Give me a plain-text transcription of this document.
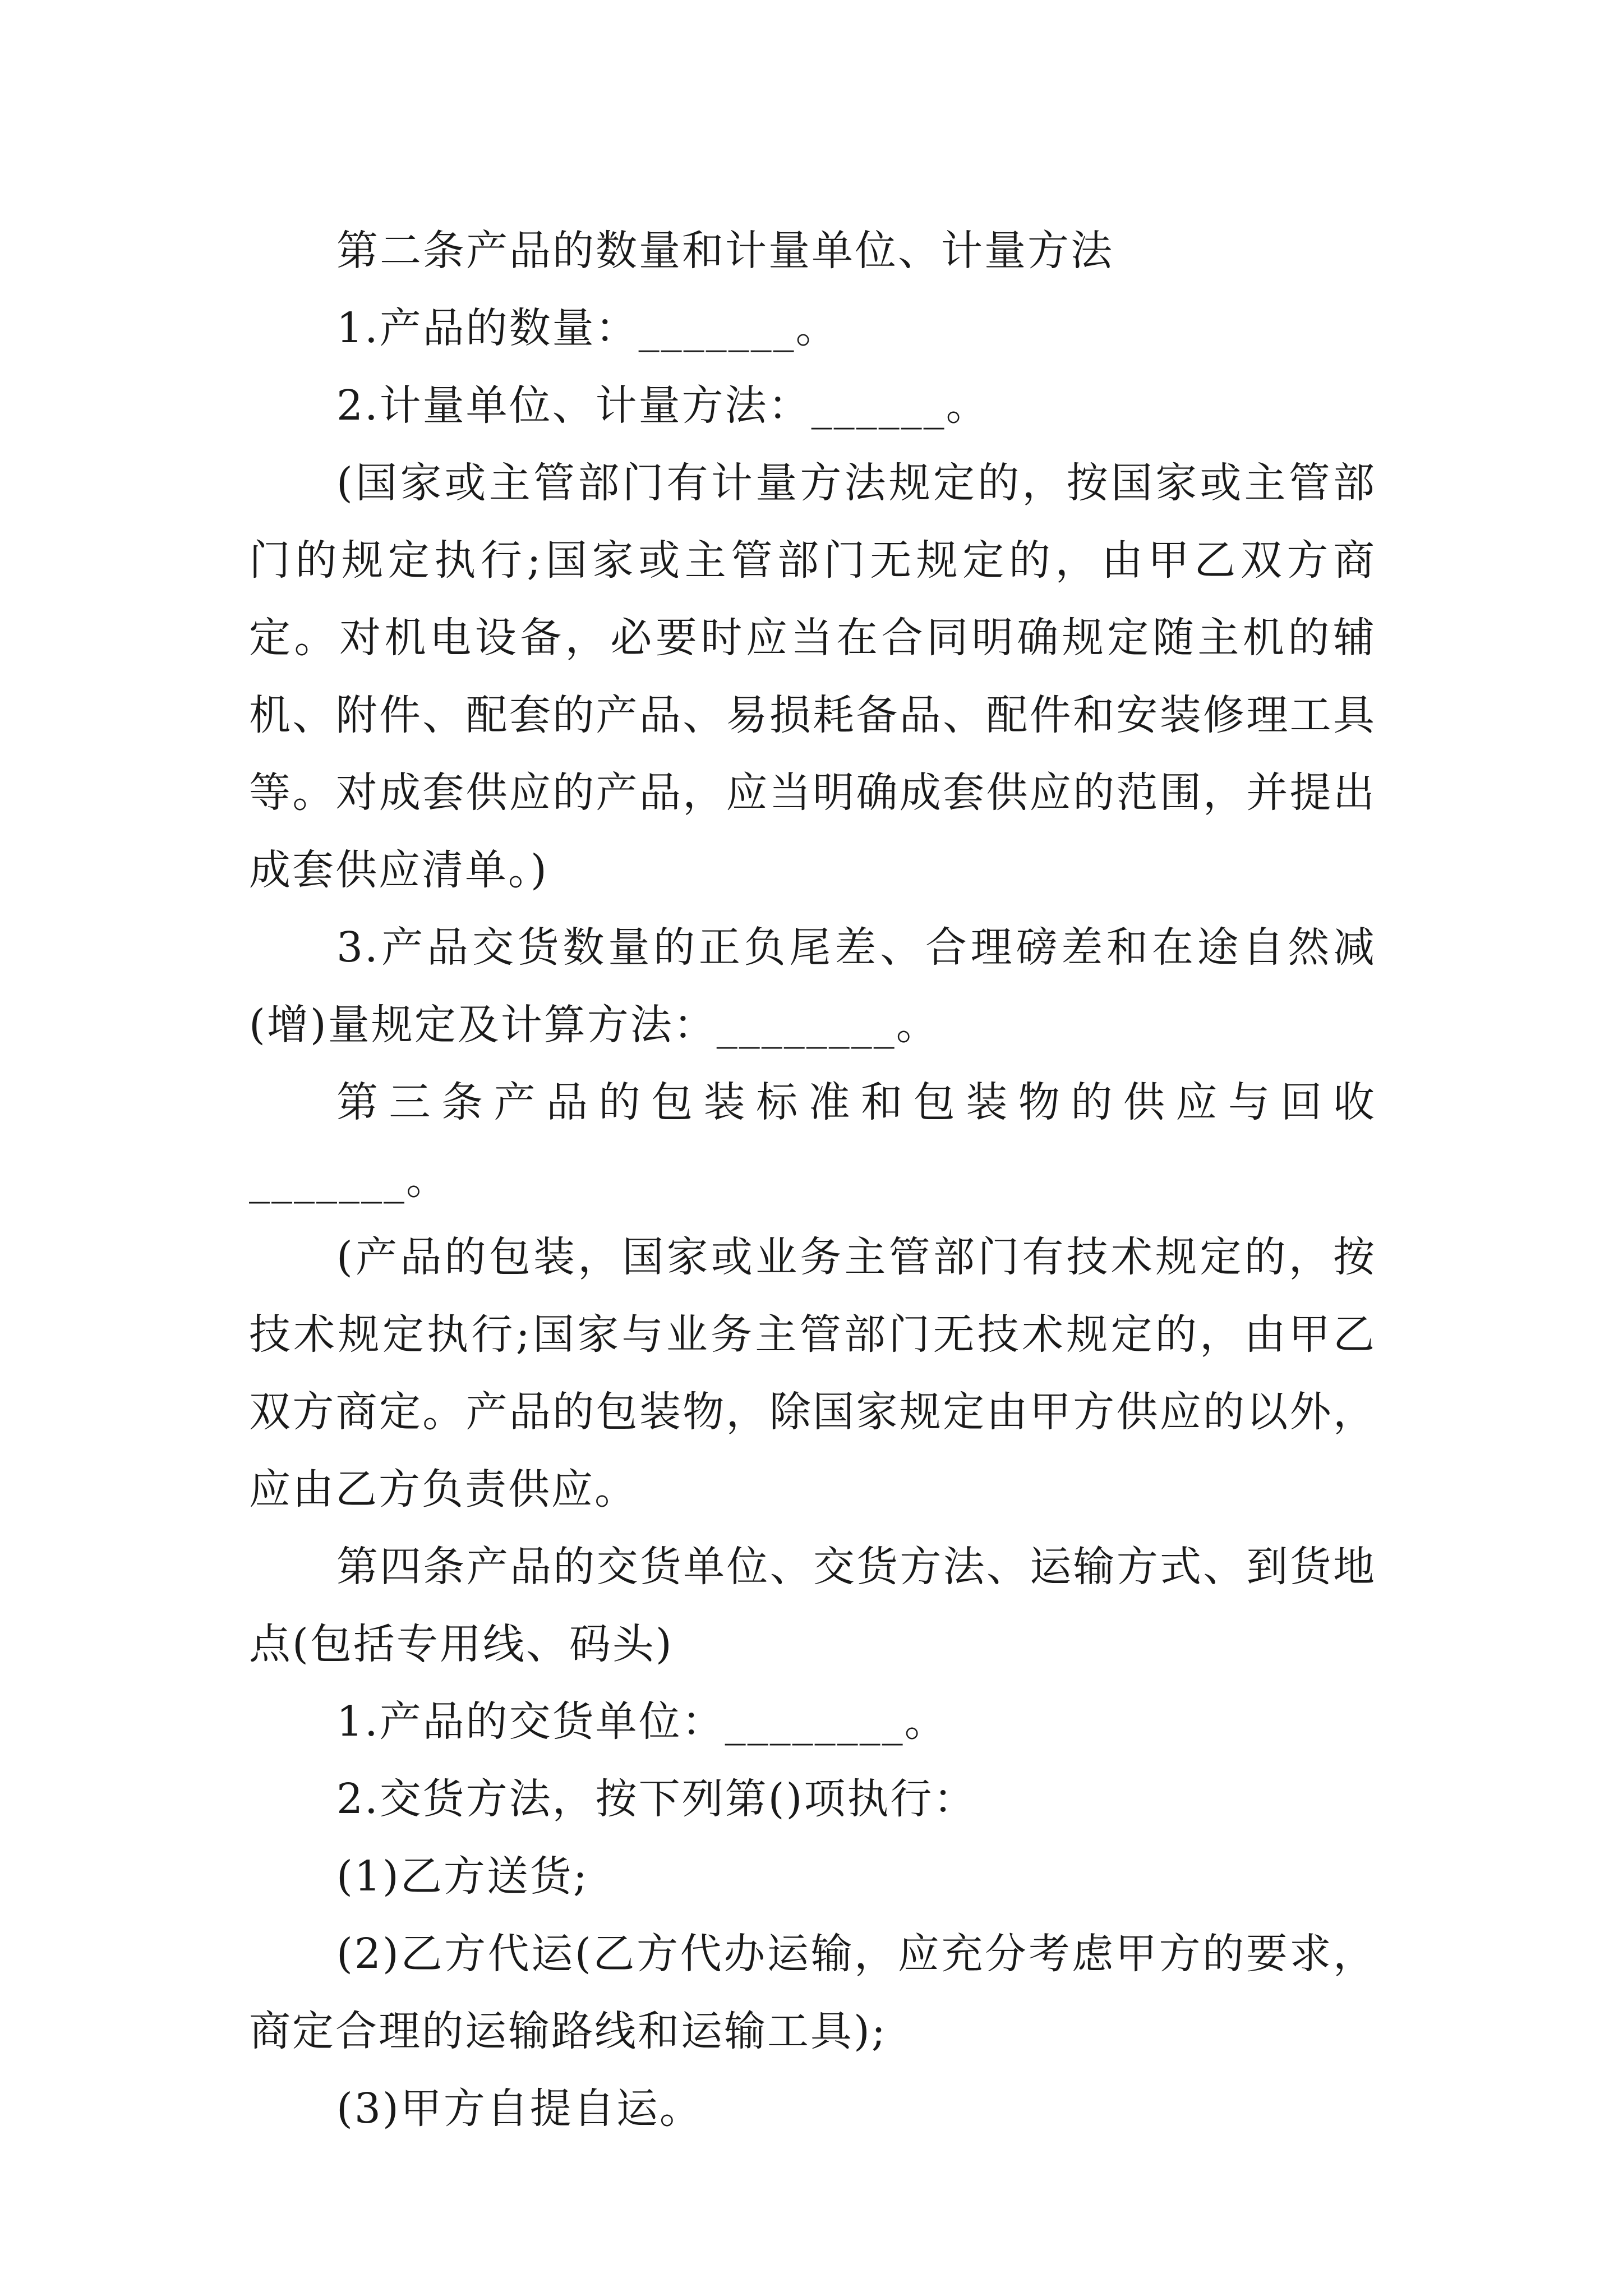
第二条产品的数量和计量单位、计量方法

1.产品的数量：_______。

2.计量单位、计量方法：______。

(国家或主管部门有计量方法规定的，按国家或主管部门的规定执行;国家或主管部门无规定的，由甲乙双方商定。对机电设备，必要时应当在合同明确规定随主机的辅机、附件、配套的产品、易损耗备品、配件和安装修理工具等。对成套供应的产品，应当明确成套供应的范围，并提出成套供应清单。)

3.产品交货数量的正负尾差、合理磅差和在途自然减(增)量规定及计算方法：________。

第三条产品的包装标准和包装物的供应与回收_______。

(产品的包装，国家或业务主管部门有技术规定的，按技术规定执行;国家与业务主管部门无技术规定的，由甲乙双方商定。产品的包装物，除国家规定由甲方供应的以外，应由乙方负责供应。

第四条产品的交货单位、交货方法、运输方式、到货地点(包括专用线、码头)

1.产品的交货单位：________。

2.交货方法，按下列第()项执行：

(1)乙方送货;

(2)乙方代运(乙方代办运输，应充分考虑甲方的要求，商定合理的运输路线和运输工具);

(3)甲方自提自运。
